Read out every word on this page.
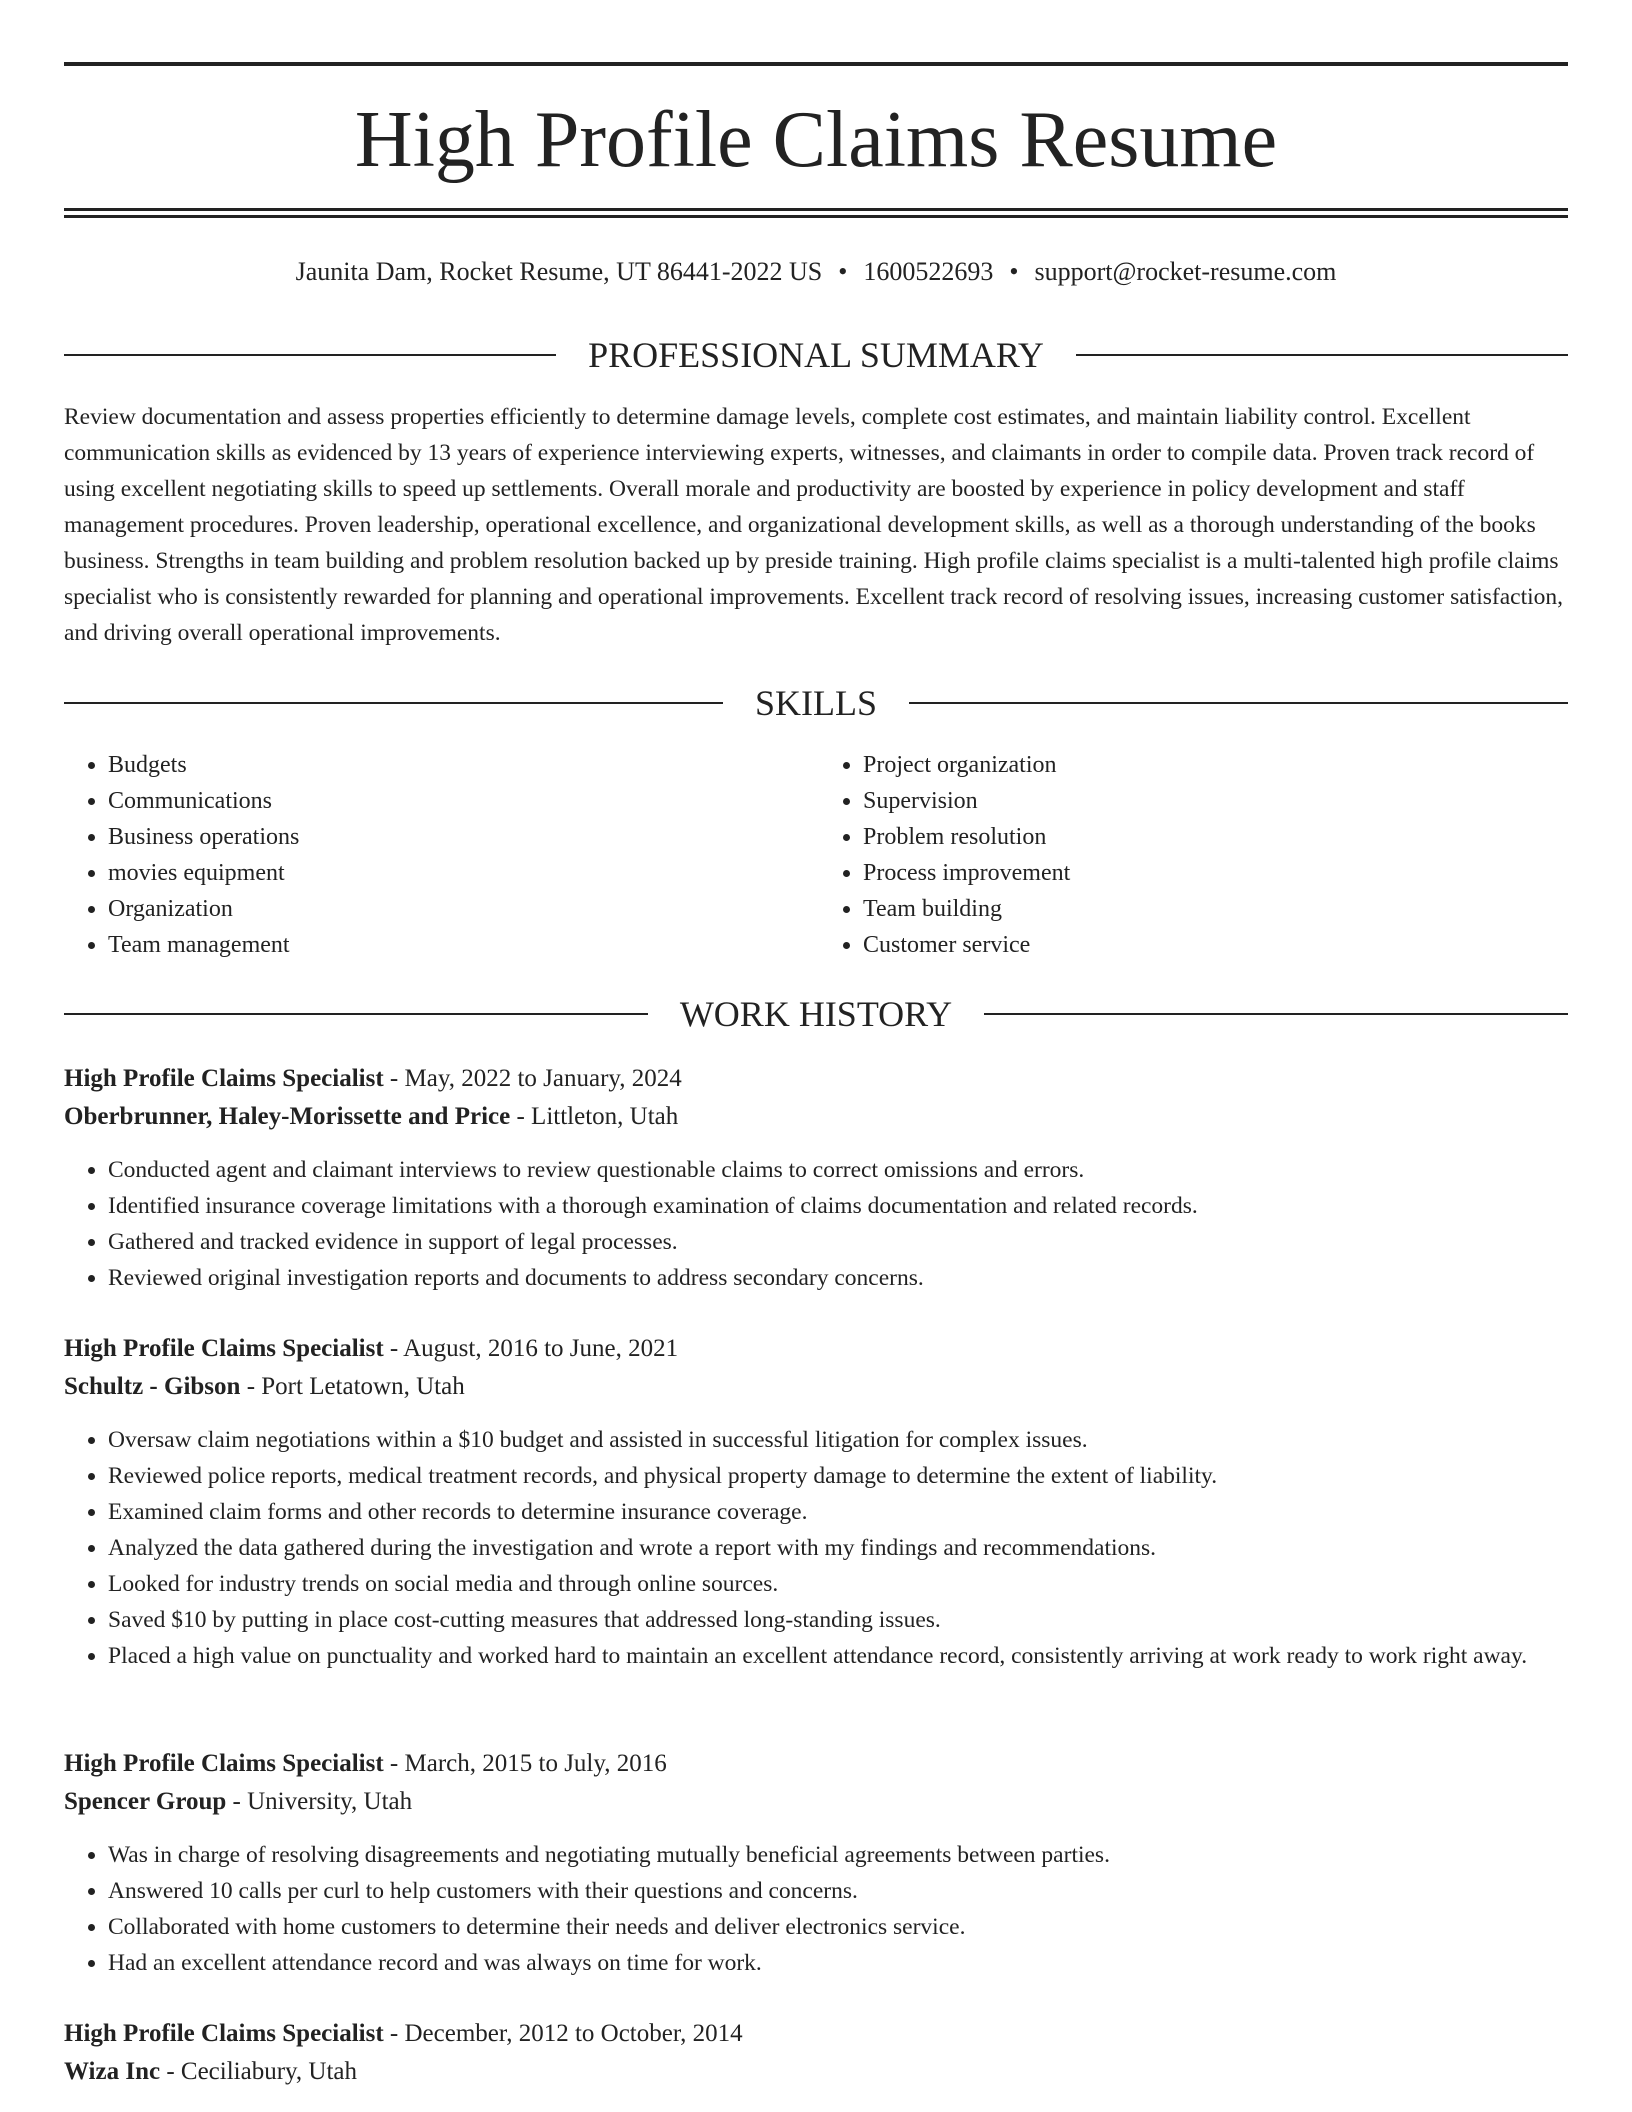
High Profile Claims Resume
Jaunita Dam, Rocket Resume, UT 86441-2022 US • 1600522693 • support@rocket-resume.com
PROFESSIONAL SUMMARY

Review documentation and assess properties efficiently to determine damage levels, complete cost estimates, and maintain liability control. Excellent communication skills as evidenced by 13 years of experience interviewing experts, witnesses, and claimants in order to compile data. Proven track record of using excellent negotiating skills to speed up settlements. Overall morale and productivity are boosted by experience in policy development and staff management procedures. Proven leadership, operational excellence, and organizational development skills, as well as a thorough understanding of the books business. Strengths in team building and problem resolution backed up by preside training. High profile claims specialist is a multi-talented high profile claims specialist who is consistently rewarded for planning and operational improvements. Excellent track record of resolving issues, increasing customer satisfaction, and driving overall operational improvements.

SKILLS
• Budgets
• Communications
• Business operations
• movies equipment
• Organization
• Team management
• Project organization
• Supervision
• Problem resolution
• Process improvement
• Team building
• Customer service
WORK HISTORY
High Profile Claims Specialist - May, 2022 to January, 2024
Oberbrunner, Haley-Morissette and Price - Littleton, Utah
• Conducted agent and claimant interviews to review questionable claims to correct omissions and errors.
• Identified insurance coverage limitations with a thorough examination of claims documentation and related records.
• Gathered and tracked evidence in support of legal processes.
• Reviewed original investigation reports and documents to address secondary concerns.
High Profile Claims Specialist - August, 2016 to June, 2021
Schultz - Gibson - Port Letatown, Utah
• Oversaw claim negotiations within a $10 budget and assisted in successful litigation for complex issues.
• Reviewed police reports, medical treatment records, and physical property damage to determine the extent of liability.
• Examined claim forms and other records to determine insurance coverage.
• Analyzed the data gathered during the investigation and wrote a report with my findings and recommendations.
• Looked for industry trends on social media and through online sources.
• Saved $10 by putting in place cost-cutting measures that addressed long-standing issues.
• Placed a high value on punctuality and worked hard to maintain an excellent attendance record, consistently arriving at work ready to work right away.
High Profile Claims Specialist - March, 2015 to July, 2016
Spencer Group - University, Utah
• Was in charge of resolving disagreements and negotiating mutually beneficial agreements between parties.
• Answered 10 calls per curl to help customers with their questions and concerns.
• Collaborated with home customers to determine their needs and deliver electronics service.
• Had an excellent attendance record and was always on time for work.
High Profile Claims Specialist - December, 2012 to October, 2014
Wiza Inc - Ceciliabury, Utah
